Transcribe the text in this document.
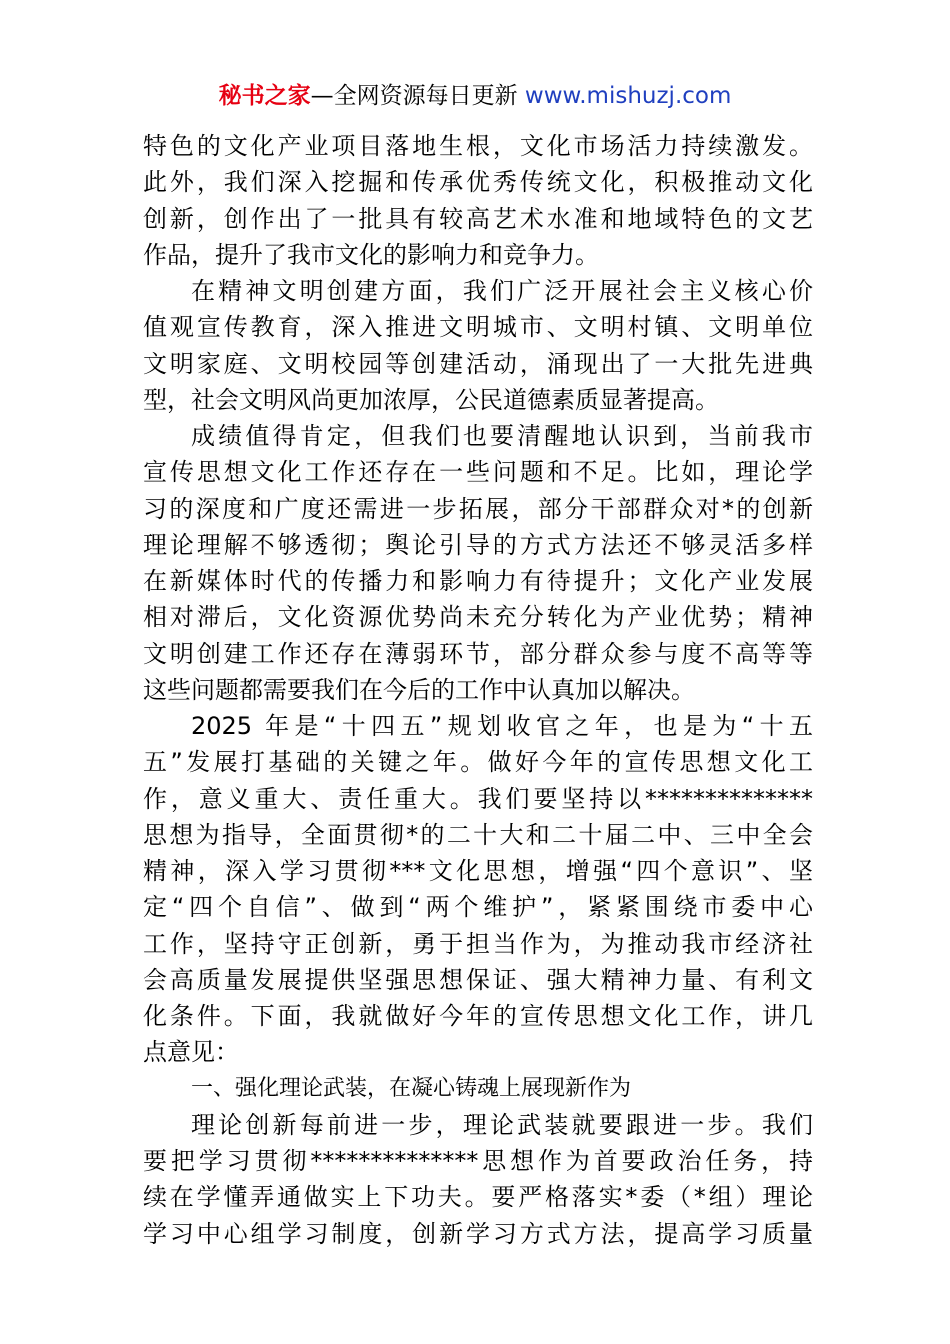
秘书之家—全网资源每日更新 www.mishuzj.com
特色的文化产业项目落地生根，文化市场活力持续激发。
此外，我们深入挖掘和传承优秀传统文化，积极推动文化
创新，创作出了一批具有较高艺术水准和地域特色的文艺
作品，提升了我市文化的影响力和竞争力。
在精神文明创建方面，我们广泛开展社会主义核心价
值观宣传教育，深入推进文明城市、文明村镇、文明单位
文明家庭、文明校园等创建活动，涌现出了一大批先进典
型，社会文明风尚更加浓厚，公民道德素质显著提高。
成绩值得肯定，但我们也要清醒地认识到，当前我市
宣传思想文化工作还存在一些问题和不足。比如，理论学
习的深度和广度还需进一步拓展，部分干部群众对*的创新
理论理解不够透彻；舆论引导的方式方法还不够灵活多样
在新媒体时代的传播力和影响力有待提升；文化产业发展
相对滞后，文化资源优势尚未充分转化为产业优势；精神
文明创建工作还存在薄弱环节，部分群众参与度不高等等
这些问题都需要我们在今后的工作中认真加以解决。
2025 年是“十四五”规划收官之年，也是为“十五
五”发展打基础的关键之年。做好今年的宣传思想文化工
作，意义重大、责任重大。我们要坚持以**************
思想为指导，全面贯彻*的二十大和二十届二中、三中全会
精神，深入学习贯彻***文化思想，增强“四个意识”、坚
定“四个自信”、做到“两个维护”，紧紧围绕市委中心
工作，坚持守正创新，勇于担当作为，为推动我市经济社
会高质量发展提供坚强思想保证、强大精神力量、有利文
化条件。下面，我就做好今年的宣传思想文化工作，讲几
点意见：
一、强化理论武装，在凝心铸魂上展现新作为
理论创新每前进一步，理论武装就要跟进一步。我们
要把学习贯彻**************思想作为首要政治任务，持
续在学懂弄通做实上下功夫。要严格落实*委（*组）理论
学习中心组学习制度，创新学习方式方法，提高学习质量
